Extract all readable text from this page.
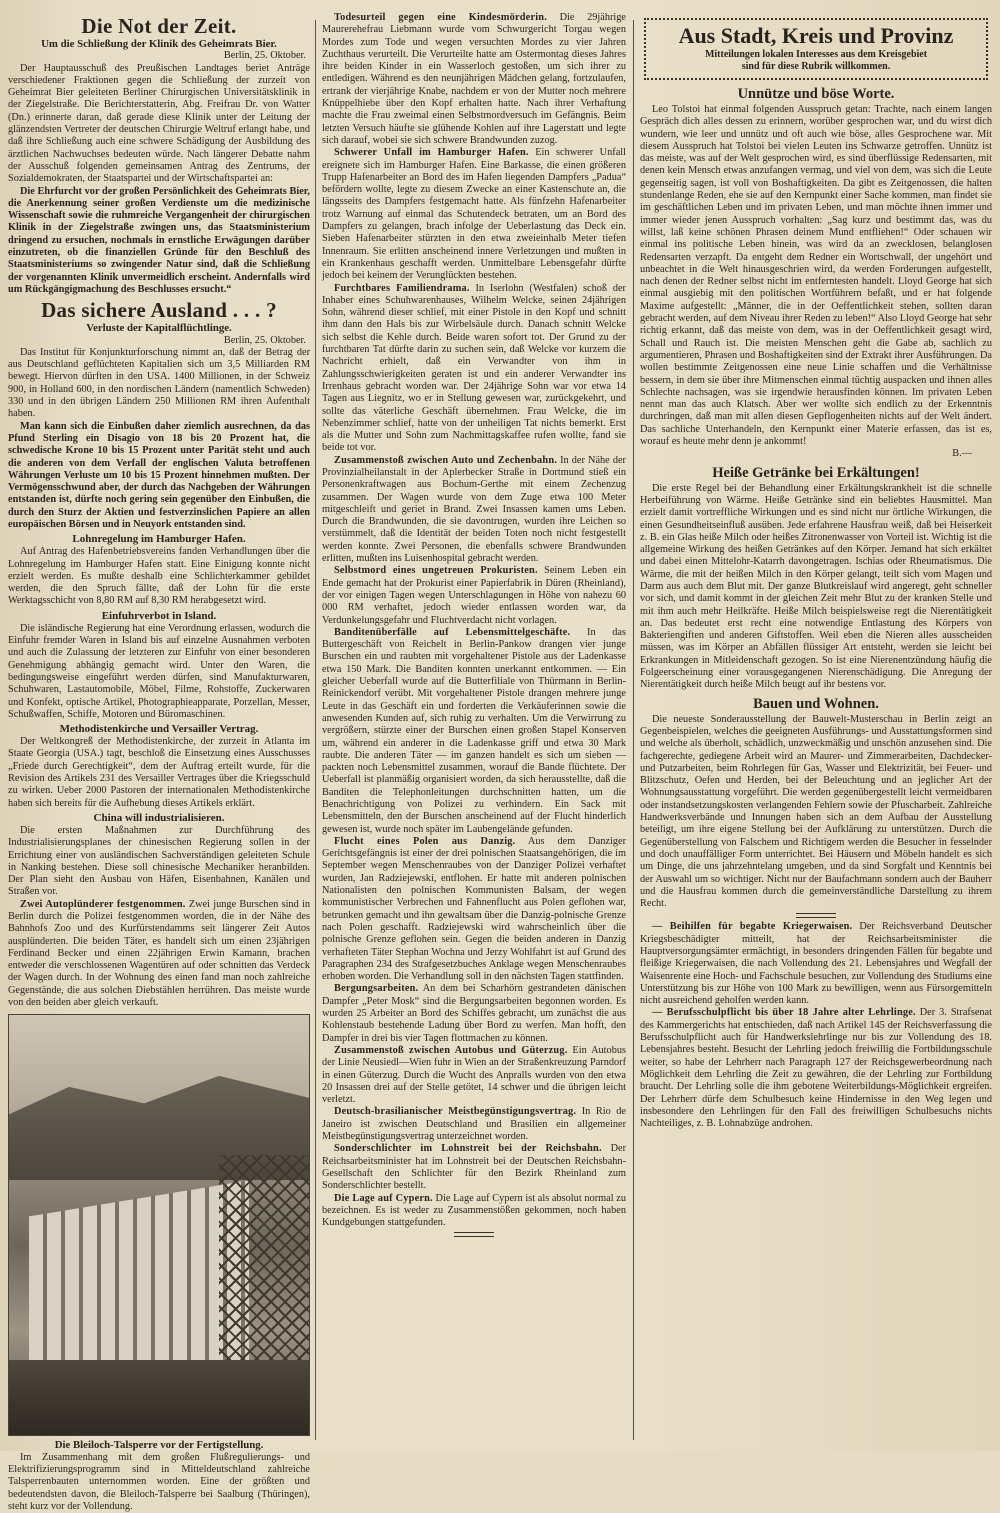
Die Not der Zeit.
Um die Schließung der Klinik des Geheimrats Bier.
Berlin, 25. Oktober.

Der Hauptausschuß des Preußischen Landtages beriet Anträge verschiedener Fraktionen gegen die Schließung der zurzeit von Geheimrat Bier geleiteten Berliner Chirurgischen Universitätsklinik in der Ziegelstraße. Die Berichterstatterin, Abg. Freifrau Dr. von Watter (Dn.) erinnerte daran, daß gerade diese Klinik unter der Leitung der glänzendsten Vertreter der deutschen Chirurgie Weltruf erlangt habe, und daß ihre Schließung auch eine schwere Schädigung der Ausbildung des ärztlichen Nachwuchses bedeuten würde. Nach längerer Debatte nahm der Ausschuß folgenden gemeinsamen Antrag des Zentrums, der Sozialdemokraten, der Staatspartei und der Wirtschaftspartei an:

Die Ehrfurcht vor der großen Persönlichkeit des Geheimrats Bier, die Anerkennung seiner großen Verdienste um die medizinische Wissenschaft sowie die ruhmreiche Vergangenheit der chirurgischen Klinik in der Ziegelstraße zwingen uns, das Staatsministerium dringend zu ersuchen, nochmals in ernstliche Erwägungen darüber einzutreten, ob die finanziellen Gründe für den Beschluß des Staatsministeriums so zwingender Natur sind, daß die Schließung der vorgenannten Klinik unvermeidlich erscheint. Andernfalls wird um Rückgängigmachung des Beschlusses ersucht.“

Das sichere Ausland . . . ?
Verluste der Kapitalflüchtlinge.
Berlin, 25. Oktober.

Das Institut für Konjunkturforschung nimmt an, daß der Betrag der aus Deutschland geflüchteten Kapitalien sich um 3,5 Milliarden RM bewegt. Hiervon dürften in den USA. 1400 Millionen, in der Schweiz 900, in Holland 600, in den nordischen Ländern (namentlich Schweden) 330 und in den übrigen Ländern 250 Millionen RM ihren Aufenthalt haben.

Man kann sich die Einbußen daher ziemlich ausrechnen, da das Pfund Sterling ein Disagio von 18 bis 20 Prozent hat, die schwedische Krone 10 bis 15 Prozent unter Parität steht und auch die anderen von dem Verfall der englischen Valuta betroffenen Währungen Verluste um 10 bis 15 Prozent hinnehmen mußten. Der Vermögensschwund aber, der durch das Nachgeben der Währungen entstanden ist, dürfte noch gering sein gegenüber den Einbußen, die durch den Sturz der Aktien und festverzinslichen Papiere an allen europäischen Börsen und in Neuyork entstanden sind.

Lohnregelung im Hamburger Hafen.

Auf Antrag des Hafenbetriebsvereins fanden Verhandlungen über die Lohnregelung im Hamburger Hafen statt. Eine Einigung konnte nicht erzielt werden. Es mußte deshalb eine Schlichterkammer gebildet werden, die den Spruch fällte, daß der Lohn für die erste Werktagsschicht von 8,80 RM auf 8,30 RM herabgesetzt wird.

Einfuhrverbot in Island.

Die isländische Regierung hat eine Verordnung erlassen, wodurch die Einfuhr fremder Waren in Island bis auf einzelne Ausnahmen verboten und auch die Zulassung der letzteren zur Einfuhr von einer besonderen Genehmigung abhängig gemacht wird. Unter den Waren, die bedingungsweise eingeführt werden dürfen, sind Manufakturwaren, Schuhwaren, Lastautomobile, Möbel, Filme, Rohstoffe, Zuckerwaren und Konfekt, optische Artikel, Photographieapparate, Porzellan, Messer, Schußwaffen, Schiffe, Motoren und Büromaschinen.

Methodistenkirche und Versailler Vertrag.

Der Weltkongreß der Methodistenkirche, der zurzeit in Atlanta im Staate Georgia (USA.) tagt, beschloß die Einsetzung eines Ausschusses „Friede durch Gerechtigkeit“, dem der Auftrag erteilt wurde, für die Revision des Artikels 231 des Versailler Vertrages über die Kriegsschuld zu wirken. Ueber 2000 Pastoren der internationalen Methodistenkirche haben sich bereits für die Aufhebung dieses Artikels erklärt.

China will industrialisieren.

Die ersten Maßnahmen zur Durchführung des Industrialisierungsplanes der chinesischen Regierung sollen in der Errichtung einer von ausländischen Sachverständigen geleiteten Schule in Nanking bestehen. Diese soll chinesische Mechaniker heranbilden. Der Plan sieht den Ausbau von Häfen, Eisenbahnen, Kanälen und Straßen vor.

Zwei Autoplünderer festgenommen. Zwei junge Burschen sind in Berlin durch die Polizei festgenommen worden, die in der Nähe des Bahnhofs Zoo und des Kurfürstendamms seit längerer Zeit Autos ausplünderten. Die beiden Täter, es handelt sich um einen 23jährigen Ferdinand Becker und einen 22jährigen Erwin Kamann, brachen entweder die verschlossenen Wagentüren auf oder schnitten das Verdeck der Wagen durch. In der Wohnung des einen fand man noch zahlreiche Gegenstände, die aus solchen Diebstählen herrühren. Das meiste wurde von den beiden aber gleich verkauft.

Die Bleiloch-Talsperre vor der Fertigstellung.

Im Zusammenhang mit dem großen Flußregulierungs- und Elektrifizierungsprogramm sind in Mitteldeutschland zahlreiche Talsperrenbauten unternommen worden. Eine der größten und bedeutendsten davon, die Bleiloch-Talsperre bei Saalburg (Thüringen), steht kurz vor der Vollendung.

Todesurteil gegen eine Kindesmörderin. Die 29jährige Maurerehefrau Liebmann wurde vom Schwurgericht Torgau wegen Mordes zum Tode und wegen versuchten Mordes zu vier Jahren Zuchthaus verurteilt. Die Verurteilte hatte am Ostermontag dieses Jahres ihre beiden Kinder in ein Wasserloch gestoßen, um sich ihrer zu entledigen. Während es den neunjährigen Mädchen gelang, fortzulaufen, ertrank der vierjährige Knabe, nachdem er von der Mutter noch mehrere Knüppelhiebe über den Kopf erhalten hatte. Nach ihrer Verhaftung machte die Frau zweimal einen Selbstmordversuch im Gefängnis. Beim letzten Versuch häufte sie glühende Kohlen auf ihre Lagerstatt und legte sich darauf, wobei sie sich schwere Brandwunden zuzog.

Schwerer Unfall im Hamburger Hafen. Ein schwerer Unfall ereignete sich im Hamburger Hafen. Eine Barkasse, die einen größeren Trupp Hafenarbeiter an Bord des im Hafen liegenden Dampfers „Padua“ befördern wollte, legte zu diesem Zwecke an einer Kastenschute an, die längsseits des Dampfers festgemacht hatte. Als fünfzehn Hafenarbeiter trotz Warnung auf einmal das Schutendeck betraten, um an Bord des Dampfers zu gelangen, brach infolge der Ueberlastung das Deck ein. Sieben Hafenarbeiter stürzten in den etwa zweieinhalb Meter tiefen Innenraum. Sie erlitten anscheinend innere Verletzungen und mußten in ein Krankenhaus geschafft werden. Unmittelbare Lebensgefahr dürfte jedoch bei keinem der Verunglückten bestehen.

Furchtbares Familiendrama. In Iserlohn (Westfalen) schoß der Inhaber eines Schuhwarenhauses, Wilhelm Welcke, seinen 24jährigen Sohn, während dieser schlief, mit einer Pistole in den Kopf und schnitt ihm dann den Hals bis zur Wirbelsäule durch. Danach schnitt Welcke sich selbst die Kehle durch. Beide waren sofort tot. Der Grund zu der furchtbaren Tat dürfte darin zu suchen sein, daß Welcke vor kurzem die Nachricht erhielt, daß ein Verwandter von ihm in Zahlungsschwierigkeiten geraten ist und ein anderer Verwandter ins Irrenhaus gebracht worden war. Der 24jährige Sohn war vor etwa 14 Tagen aus Liegnitz, wo er in Stellung gewesen war, zurückgekehrt, und sollte das väterliche Geschäft übernehmen. Frau Welcke, die im Nebenzimmer schlief, hatte von der unheiligen Tat nichts bemerkt. Erst als die Mutter und Sohn zum Nachmittagskaffee rufen wollte, fand sie beide tot vor.

Zusammenstoß zwischen Auto und Zechenbahn. In der Nähe der Provinzialheilanstalt in der Aplerbecker Straße in Dortmund stieß ein Personenkraftwagen aus Bochum-Gerthe mit einem Zechenzug zusammen. Der Wagen wurde von dem Zuge etwa 100 Meter mitgeschleift und geriet in Brand. Zwei Insassen kamen ums Leben. Durch die Brandwunden, die sie davontrugen, wurden ihre Leichen so verstümmelt, daß die Identität der beiden Toten noch nicht festgestellt werden konnte. Zwei Personen, die ebenfalls schwere Brandwunden erlitten, mußten ins Luisenhospital gebracht werden.

Selbstmord eines ungetreuen Prokuristen. Seinem Leben ein Ende gemacht hat der Prokurist einer Papierfabrik in Düren (Rheinland), der vor einigen Tagen wegen Unterschlagungen in Höhe von nahezu 60 000 RM verhaftet, jedoch wieder entlassen worden war, da Verdunkelungsgefahr und Fluchtverdacht nicht vorlagen.

Banditenüberfälle auf Lebensmittelgeschäfte. In das Buttergeschäft von Reichelt in Berlin-Pankow drangen vier junge Burschen ein und raubten mit vorgehaltener Pistole aus der Ladenkasse etwa 150 Mark. Die Banditen konnten unerkannt entkommen. — Ein gleicher Ueberfall wurde auf die Butterfiliale von Thürmann in Berlin-Reinickendorf verübt. Mit vorgehaltener Pistole drangen mehrere junge Leute in das Geschäft ein und forderten die Verkäuferinnen sowie die anwesenden Kunden auf, sich ruhig zu verhalten. Um die Verwirrung zu vergrößern, stürzte einer der Burschen einen großen Stapel Konserven um, während ein anderer in die Ladenkasse griff und etwa 30 Mark raubte. Die anderen Täter — im ganzen handelt es sich um sieben — packten noch Lebensmittel zusammen, worauf die Bande flüchtete. Der Ueberfall ist planmäßig organisiert worden, da sich herausstellte, daß die Banditen die Telephonleitungen durchschnitten hatten, um die Benachrichtigung von Polizei zu verhindern. Ein Sack mit Lebensmitteln, den der Burschen anscheinend auf der Flucht hinderlich gewesen ist, wurde noch später im Laubengelände gefunden.

Flucht eines Polen aus Danzig. Aus dem Danziger Gerichtsgefängnis ist einer der drei polnischen Staatsangehörigen, die im September wegen Menschenraubes von der Danziger Polizei verhaftet wurden, Jan Radziejewski, entflohen. Er hatte mit anderen polnischen Nationalisten den polnischen Kommunisten Balsam, der wegen kommunistischer Verbrechen und Fahnenflucht aus Polen geflohen war, betrunken gemacht und ihn gewaltsam über die Danzig-polnische Grenze nach Polen geschafft. Radziejewski wird wahrscheinlich über die polnische Grenze geflohen sein. Gegen die beiden anderen in Danzig verhafteten Täter Stephan Wochna und Jerzy Wohlfahrt ist auf Grund des Paragraphen 234 des Strafgesetzbuches Anklage wegen Menschenraubes erhoben worden. Die Verhandlung soll in den nächsten Tagen stattfinden.

Bergungsarbeiten. An dem bei Scharhörn gestrandeten dänischen Dampfer „Peter Mosk“ sind die Bergungsarbeiten begonnen worden. Es wurden 25 Arbeiter an Bord des Schiffes gebracht, um zunächst die aus Kohlenstaub bestehende Ladung über Bord zu werfen. Man hofft, den Dampfer in drei bis vier Tagen flottmachen zu können.

Zusammenstoß zwischen Autobus und Güterzug. Ein Autobus der Linie Neusiedl—Wien fuhr in Wien an der Straßenkreuzung Parndorf in einen Güterzug. Durch die Wucht des Anpralls wurden von den etwa 20 Insassen drei auf der Stelle getötet, 14 schwer und die übrigen leicht verletzt.

Deutsch-brasilianischer Meistbegünstigungsvertrag. In Rio de Janeiro ist zwischen Deutschland und Brasilien ein allgemeiner Meistbegünstigungsvertrag unterzeichnet worden.

Sonderschlichter im Lohnstreit bei der Reichsbahn. Der Reichsarbeitsminister hat im Lohnstreit bei der Deutschen Reichsbahn-Gesellschaft den Schlichter für den Bezirk Rheinland zum Sonderschlichter bestellt.

Die Lage auf Cypern. Die Lage auf Cypern ist als absolut normal zu bezeichnen. Es ist weder zu Zusammenstößen gekommen, noch haben Kundgebungen stattgefunden.

Aus Stadt, Kreis und Provinz
Mitteilungen lokalen Interesses aus dem Kreisgebiet
sind für diese Rubrik willkommen.
Unnütze und böse Worte.

Leo Tolstoi hat einmal folgenden Ausspruch getan: Trachte, nach einem langen Gespräch dich alles dessen zu erinnern, worüber gesprochen war, und du wirst dich wundern, wie leer und unnütz und oft auch wie böse, alles Gesprochene war. Mit diesem Ausspruch hat Tolstoi bei vielen Leuten ins Schwarze getroffen. Unnütz ist das meiste, was auf der Welt gesprochen wird, es sind überflüssige Redensarten, mit denen kein Mensch etwas anzufangen vermag, und viel von dem, was sich die Leute gegenseitig sagen, ist voll von Boshaftigkeiten. Da gibt es Zeitgenossen, die halten stundenlange Reden, ehe sie auf den Kernpunkt einer Sache kommen, man findet sie im geschäftlichen Leben und im privaten Leben, und man möchte ihnen immer und immer wieder jenen Ausspruch vorhalten: „Sag kurz und bestimmt das, was du willst, laß keine schönen Phrasen deinem Mund entfliehen!“ Oder schauen wir einmal ins politische Leben hinein, was wird da an zwecklosen, belanglosen Redensarten verzapft. Da entgeht dem Redner ein Wortschwall, der ungehört und unbeachtet in die Welt hinausgeschrien wird, da werden Forderungen aufgestellt, nach denen der Redner selbst nicht im entferntesten handelt. Lloyd George hat sich einmal ausgiebig mit den politischen Wortführern befaßt, und er hat folgende Maxime aufgestellt: „Männer, die in der Oeffentlichkeit stehen, sollten daran gebracht werden, auf dem Niveau ihrer Reden zu leben!“ Also Lloyd George hat sehr richtig erkannt, daß das meiste von dem, was in der Oeffentlichkeit gesagt wird, Schall und Rauch ist. Die meisten Menschen geht die Gabe ab, sachlich zu argumentieren, Phrasen und Boshaftigkeiten sind der Extrakt ihrer Ausführungen. Da wollen bestimmte Zeitgenossen eine neue Linie schaffen und die Verhältnisse bessern, in dem sie über ihre Mitmenschen einmal tüchtig auspacken und ihnen alles Schlechte nachsagen, was sie irgendwie herausfinden können. Im privaten Leben nennt man das auch Klatsch. Aber wer wollte sich endlich zu der Erkenntnis durchringen, daß man mit allen diesen Gepflogenheiten nichts auf der Welt ändert. Das sachliche Unterhandeln, den Kernpunkt einer Materie erfassen, das ist es, worauf es heute mehr denn je ankommt!

B.—
Heiße Getränke bei Erkältungen!

Die erste Regel bei der Behandlung einer Erkältungskrankheit ist die schnelle Herbeiführung von Wärme. Heiße Getränke sind ein beliebtes Hausmittel. Man erzielt damit vortreffliche Wirkungen und es sind nicht nur örtliche Wirkungen, die einen Gesundheitseinfluß ausüben. Jede erfahrene Hausfrau weiß, daß bei Heiserkeit z. B. ein Glas heiße Milch oder heißes Zitronenwasser von Vorteil ist. Wichtig ist die allgemeine Wirkung des heißen Getränkes auf den Körper. Jemand hat sich erkältet und dabei einen Mittelohr-Katarrh davongetragen. Ischias oder Rheumatismus. Die Wärme, die mit der heißen Milch in den Körper gelangt, teilt sich vom Magen und Darm aus auch dem Blut mit. Der ganze Blutkreislauf wird angeregt, geht schneller vor sich, und damit kommt in der gleichen Zeit mehr Blut zu der kranken Stelle und mit ihm auch mehr Heilkräfte. Heiße Milch beispielsweise regt die Nierentätigkeit an. Das bedeutet erst recht eine notwendige Entlastung des Körpers von Bakteriengiften und anderen Giftstoffen. Weil eben die Nieren alles ausscheiden müssen, was im Körper an Abfällen flüssiger Art entsteht, werden sie leicht bei Erkrankungen in Mitleidenschaft gezogen. So ist eine Nierenentzündung häufig die Folgeerscheinung einer vorausgegangenen Nierenschädigung. Die Anregung der Nierentätigkeit durch heiße Milch beugt auf ihr bestens vor.

Bauen und Wohnen.

Die neueste Sonderausstellung der Bauwelt-Musterschau in Berlin zeigt an Gegenbeispielen, welches die geeigneten Ausführungs- und Ausstattungsformen sind und welche als überholt, schädlich, unzweckmäßig und unschön anzusehen sind. Die fachgerechte, gediegene Arbeit wird an Maurer- und Zimmerarbeiten, Dachdecker- und Putzarbeiten, beim Rohrlegen für Gas, Wasser und Elektrizität, bei Feuer- und Blitzschutz, Oefen und Herden, bei der Beleuchtung und an jeglicher Art der Wohnungsausstattung vorgeführt. Die werden gegenübergestellt leicht vermeidbaren oder instandsetzungskosten verlangenden Fehlern sowie der Pfuscharbeit. Zahlreiche Handwerksverbände und Innungen haben sich an dem Aufbau der Ausstellung beteiligt, um ihre eigene Stellung bei der Aufklärung zu unterstützen. Durch die Gegenüberstellung von Falschem und Richtigem werden die Besucher in fesselnder und doch unauffälliger Form unterrichtet. Bei Häusern und Möbeln handelt es sich um Dinge, die uns jahrzehntelang umgeben, und da sind Sorgfalt und Kenntnis bei der Auswahl um so wichtiger. Nicht nur der Baufachmann sondern auch der Bauherr und die Hausfrau kommen durch die gemeinverständliche Darstellung zu ihrem Recht.

— Beihilfen für begabte Kriegerwaisen. Der Reichsverband Deutscher Kriegsbeschädigter mitteilt, hat der Reichsarbeitsminister die Hauptversorgungsämter ermächtigt, in besonders dringenden Fällen für begabte und fleißige Kriegerwaisen, die nach Vollendung des 21. Lebensjahres und Wegfall der Waisenrente eine Hoch- und Fachschule besuchen, zur Vollendung des Studiums eine Unterstützung bis zur Höhe von 100 Mark zu bewilligen, wenn aus Fürsorgemitteln nicht ausreichend geholfen werden kann.

— Berufsschulpflicht bis über 18 Jahre alter Lehrlinge. Der 3. Strafsenat des Kammergerichts hat entschieden, daß nach Artikel 145 der Reichsverfassung die Berufsschulpflicht auch für Handwerkslehrlinge nur bis zur Vollendung des 18. Lebensjahres besteht. Besucht der Lehrling jedoch freiwillig die Fortbildungsschule weiter, so habe der Lehrherr nach Paragraph 127 der Reichsgewerbeordnung nach Möglichkeit dem Lehrling die Zeit zu gewähren, die der Lehrling zur Fortbildung braucht. Der Lehrling solle die ihm gebotene Weiterbildungs-Möglichkeit ergreifen. Der Lehrherr dürfe dem Schulbesuch keine Hindernisse in den Weg legen und insbesondere den Lehrlingen für den Fall des freiwilligen Schulbesuchs nichts Nachteiliges, z. B. Lohnabzüge androhen.
